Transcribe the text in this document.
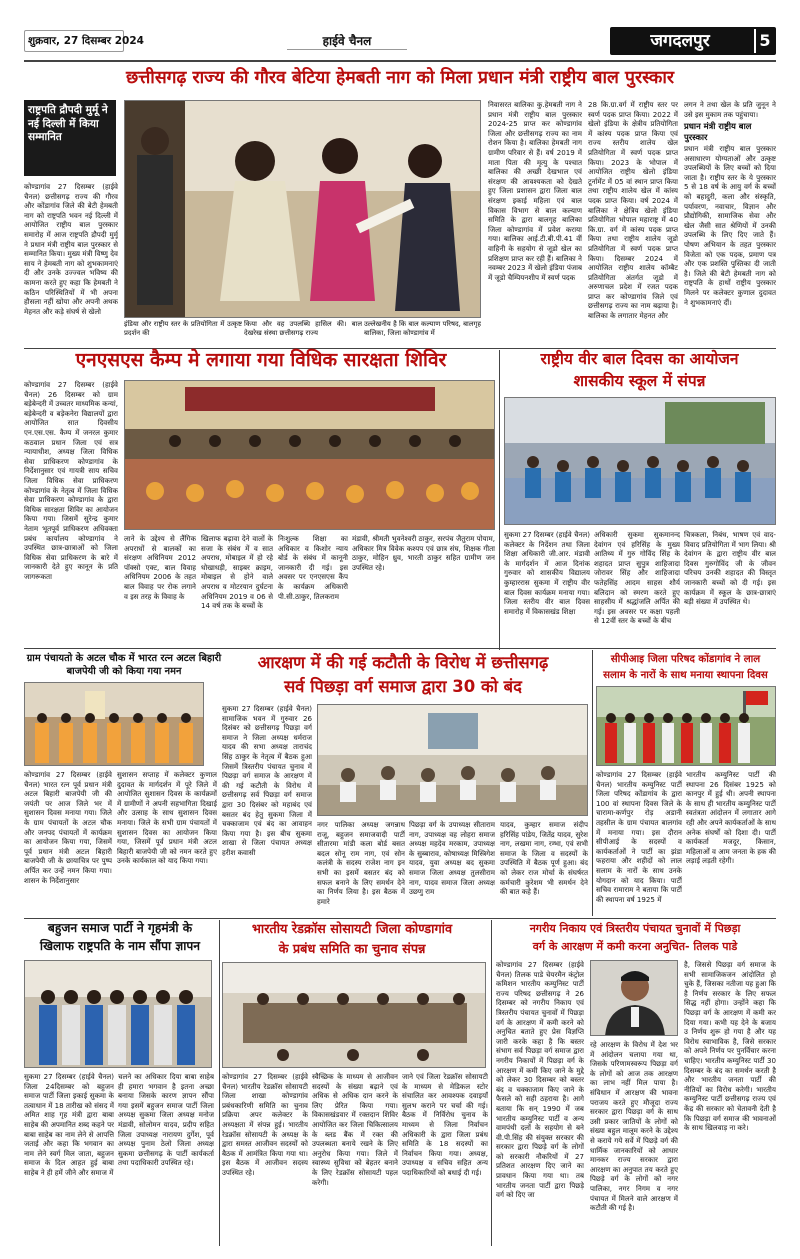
शुक्रवार, 27 दिसम्बर 2024	हाईवे चैनल	जगदलपुर	5
छत्तीसगढ़ राज्य की गौरव बेटिया हेमबती नाग को मिला प्रधान मंत्री राष्ट्रीय बाल पुरस्कार
राष्ट्रपति द्रौपदी मुर्मू ने नई दिल्ली में किया सम्मानित
कोण्डागांव 27 दिसम्बर (हाईवे चैनल) छत्तीसगढ़ राज्य की गौरव और कोंडागांव जिले की बेटी हेमबती नाग को राष्ट्रपति भवन नई दिल्ली में आयोजित राष्ट्रीय बाल पुरस्कार समारोह में आज राष्ट्रपति द्रौपदी मुर्मू ने प्रधान मंत्री राष्ट्रीय बाल पुरस्कार से सम्मानित किया। मुख्य मंत्री विष्णु देव साय ने हेमबती नाग को शुभकामनाएं दी और उनके उज्ज्वल भविष्य की कामना करते हुए कहा कि हेमबती ने कठिन परिस्थितियों में भी अपना हौसला नहीं खोया और अपनी अथक मेहनत और कड़े संघर्ष से खेलो
इंडिया और राष्ट्रीय स्तर के प्रतियोगिता में उत्कृष्ट प्रदर्शन की
किया और वह उपलब्धि हासिल की। बाल देखरेख संस्था छत्तीसगढ़ राज्य
उल्लेखनीय है कि बाल कल्याण परिषद, बालगृह बालिका, जिला कोण्डागांव में
निवासरत बालिका कु.हेमबती नाग ने प्रधान मंत्री राष्ट्रीय बाल पुरस्कार 2024-25 प्राप्त कर कोण्डागांव जिला और छत्तीसगढ़ राज्य का नाम रोशन किया है। बालिका हेमबती नाग ग्रामीण परिवार से हैं। वर्ष 2019 में माता पिता की मृत्यु के पश्चात बालिका की अच्छी देखभाल एवं संरक्षण की आवश्यकता को देखते हुए जिला प्रशासन द्वारा जिला बाल संरक्षण इकाई महिला एवं बाल विकास विभाग से बाल कल्याण समिति के द्वारा बालगृह बालिका जिला कोण्डागांव में प्रवेश कराया गया। बालिका आई.टी.बी.पी.41 वीं वाहिनी के सहयोग से जूडो खेल का प्रशिक्षण प्राप्त कर रही हैं। बालिका ने नवम्बर 2023 में खेलो इंडिया पंजाब में जूडो चैम्पियनशीप में स्वर्ण पदक
28 कि.ग्रा.वर्ग में राष्ट्रीय स्तर पर स्वर्ण पदक प्राप्त किया। 2022 में खेलो इंडिया के क्षेत्रीय प्रतियोगिता में कांस्य पदक प्राप्त किया एवं राज्य स्तरीय शालेय खेल प्रतियोगिता में स्वर्ण पदक प्राप्त किया। 2023 के भोपाल में आयोजित राष्ट्रीय खेलो इंडिया टूर्नामेंट में 05 वां स्थान प्राप्त किया तथा राष्ट्रीय शालेय खेल में कांस्य पदक प्राप्त किया। वर्ष 2024 में बालिका ने क्षेत्रिय खेलो इंडिया प्रतियोगिता भोपाल महाराष्ट्र में 40 कि.ग्रा. वर्ग में कांस्य पदक प्राप्त किया तथा राष्ट्रीय शालेय जूडो प्रतियोगिता में स्वर्ण पदक प्राप्त किया। दिसम्बर 2024 में आयोजित राष्ट्रीय शालेय कॉम्बैट प्रतियोगिता अंतर्गत जूडो में अरुणाचल प्रदेश में रजत पदक प्राप्त कर कोण्डागांव जिले एवं छत्तीसगढ़ राज्य का नाम बढ़ाया है। बालिका के लगातार मेहनत और
लगन ने तथा खेल के प्रति जुनून ने उसे इस मुकाम तक पहुंचाया।
प्रधान मंत्री राष्ट्रीय बाल पुरस्कार
प्रधान मंत्री राष्ट्रीय बाल पुरस्कार असाधारण योग्यताओं और उत्कृष्ट उपलब्धियों के लिए बच्चों को दिया जाता है। राष्ट्रीय स्तर के ये पुरस्कार 5 से 18 वर्ष के आयु वर्ग के बच्चों को बहादुरी, कला और संस्कृति, पर्यावरण, नवाचार, विज्ञान और प्रौद्योगिकी, सामाजिक सेवा और खेल जैसी सात श्रेणियों में उनकी उपलब्धि के लिए दिए जाते हैं। पोषण अभियान के तहत पुरस्कार विजेता को एक पदक, प्रमाण पत्र और एक प्रशस्ति पुस्तिका दी जाती है। जिले की बेटी हेमबती नाग को राष्ट्रपति के हाथों राष्ट्रीय पुरस्कार मिलने पर कलेक्टर कुणाल दुदावत ने शुभकामनाएं दीं।
एनएसएस कैम्प मे लगाया गया विधिक सारक्षता शिविर
कोण्डागांव 27 दिसम्बर (हाईवे चैनल) 26 दिसम्बर को ग्राम बड़ेबेन्दरी में उच्चतर माध्यमिक कन्यां, बड़ेबेन्दरी व बड़ेकनेरा विद्यालयों द्वारा आयोजित सात दिवसीय एन.एस.एस. कैम्प में जनरल कुमार कठवाल प्रधान जिला एवं सत्र न्यायाधीश, अध्यक्ष जिला विधिक सेवा प्राधिकरण कोण्डागांव के निर्देशानुसार एवं गायत्री साय सचिव जिला विधिक सेवा प्राधिकरण कोण्डागांव के नेतृत्व में जिला विधिक सेवा प्राधिकरण कोण्डागांव के द्वारा विधिक सारक्षता शिविर का आयोजन किया गया। जिसमें सुरेन्द्र कुमार नेताम भूतपूर्व प्राधिकरण अधिवक्ता प्रबंध कार्यालय कोण्डागांव ने उपस्थित छात्र-छात्राओं को जिला विधिक सेवा प्राधिकरण के बारे में जानकारी देते हुए कानून के प्रति जागरूकता
लाने के उद्देश्य से लैंगिक अपराधों से बालकों का संरक्षण अधिनियम 2012 पॉक्सो एक्ट, बाल विवाह अधिनियम 2006 के तहत बाल विवाह पर रोक लगाने व इस तरह के विवाह के
खिलाफ बढ़ावा देने वालों के सजा के संबंध में व सात अपराध, मोबाइल में हो रहे धोखाधड़ी, साइबर क्राइम, मोबाइल से होने वाले अपराध व मोटरयान दुर्घटना अधिनियम 2019 व 06 से 14 वर्ष तक के बच्चों के
निःशुल्क शिक्षा का अधिकार व किशोर न्याय बोर्ड के संबंध में कानूनी जानकारी दी गई। इस अवसर पर एनएसएस कैंप के कार्यक्रम अधिकारी पी.सी.ठाकुर, तिलकराम
मंडावी, श्रीमती भुवनेश्वरी ठाकुर, सरपंच जैतुराम पोयाम, अधिकार मित्र विवेक कश्यप एवं छात्र संघ, शिक्षक गीता ठाकुर, मोहिन ध्रुव, भारती ठाकुर सहित ग्रामीण जन उपस्थित रहे।
राष्ट्रीय वीर बाल दिवस का आयोजन
शासकीय स्कूल में संपन्न
सुकमा 27 दिसम्बर (हाईवे चैनल) कलेक्टर के निर्देशन तथा जिला शिक्षा अधिकारी जी.आर. मंडावी के मार्गदर्शन में आज दिनांक गुरुवार को शासकीय विद्यालय कुम्हाररास सुकमा में राष्ट्रीय वीर बाल दिवस कार्यक्रम मनाया गया। जिला स्तरीय वीर बाल दिवस समारोह में विकासखंड शिक्षा
अधिकारी सुकमा सुकमानन्द देवांगन एवं हरिसिंह के मुख्य आतिथ्य में गुरु गोविंद सिंह के शहादत प्राप्त सुपुत्र शाहिजादा जोरावर सिंह और शाहिजादा फतेहसिंह आदम साहस शौर्य बलिदान को स्मरण करते हुए साहसीय में श्रद्धांजलि अर्पित की गई। इस अवसर पर कक्षा पहली से 12वीं स्तर के बच्चों के बीच
चित्रकला, निबंध, भाषण एवं वाद-विवाद प्रतियोगिता में भाग लिया। श्री देवांगन के द्वारा राष्ट्रीय वीर बाल दिवस गुरुगोविंद जी के जीवन परिचय उनकी शहादत की विस्तृत जानकारी बच्चों को दी गई। इस कार्यक्रम में स्कूल के छात्र-छात्राएं बड़ी संख्या में उपस्थित थे।
ग्राम पंचायतो के अटल चौक में भारत रत्न अटल बिहारी बाजपेयी जी को किया गया नमन
कोण्डागांव 27 दिसम्बर (हाईवे चैनल) भारत रत्न पूर्व प्रधान मंत्री अटल बिहारी बाजपेयी जी की जयंती पर आज जिले भर में सुशासन दिवस मनाया गया। जिले के ग्राम पंचायतों के अटल चौक और जनपद पंचायतों में कार्यक्रम का आयोजन किया गया, जिसमें पूर्व प्रधान मंत्री अटल बिहारी बाजपेयी जी के छायाचित्र पर पुष्प अर्पित कर उन्हें नमन किया गया। शासन के निर्देशानुसार
सुशासन सप्ताह में कलेक्टर कुणाल दुदावत के मार्गदर्शन में पूरे जिले में आयोजित सुशासन दिवस के कार्यक्रमों में ग्रामीणों ने अपनी सहभागिता दिखाई और उत्साह के साथ सुशासन दिवस मनाया। जिले के सभी ग्राम पंचायतों में सुशासन दिवस का आयोजन किया गया, जिसमें पूर्व प्रधान मंत्री अटल बिहारी बाजपेयी जी को नमन करते हुए उनके कार्यकाल को याद किया गया।
आरक्षण में की गई कटौती के विरोध में छत्तीसगढ़
सर्व पिछड़ा वर्ग समाज द्वारा 30 को बंद
सुकमा 27 दिसम्बर (हाईवे चैनल) सामाजिक भवन में गुरुवार 26 दिसंबर को छत्तीसगढ़ पिछड़ा वर्ग समाज ने जिला अध्यक्ष धर्मराज यादव की सभा अध्यक्ष ताराचंद सिंह ठाकुर के नेतृत्व में बैठक हुआ जिसमें त्रिस्तरीय पंचायत चुनाव में पिछड़ा वर्ग समाज के आरक्षण में की गई कटौती के विरोध में छत्तीसगढ़ सर्व पिछड़ा वर्ग समाज द्वारा 30 दिसंबर को महाबंद एवं बसतर बंद हेतु सुकमा जिला में चक्काजाम एवं बंद का आवाहन किया गया है। इस बीच सुकमा शाखा से जिला पंचायत अध्यक्ष हरीश कवासी
नगर पालिका अध्यक्ष जगन्नाथ राजू, बहुजन समाजवादी पार्टी सीतारमा मांडी कला बोर्ड बसत बदल सोनू राम नाग, एवं सोन कलंत्री के सदस्य राजेश नाग इन सभी का इसमें बसतर बंद को सफल बनाने के लिए समर्थन देने का निर्णय लिया है। इस बैठक में हमारे
पिछड़ा वर्ग के उपाध्यक्ष सीताराम नाग, उपाध्यक्ष वह लोहरा समाज अध्यक्ष महदेव मरकाम, उपाध्यक्ष के सुब्बाराव, कोषाध्यक्ष मिस्त्रिगेश यादव, युवा अध्यक्ष बद सुकमा समाज जिला अध्यक्ष तुलसीराम नाग, यादव समाज जिला अध्यक्ष उछणु राम
यादव, कुम्हार समाज संदीप हरिसिंह पांडेय, जितेंद्र यादव, सुरेश नाग, लखमा नाग, रम्भा, एवं सभी समाज के जिला व सदस्यों के उपस्थिति में बैठक पूर्ण हुआ। बंद को लेकर राज मोर्चा के संघर्षरत कर्मचारी कुरेशम भी समर्थन देने की बात कहे हैं।
सीपीआइ जिला परिषद कोंडागांव ने लाल
सलाम के नारों के साथ मनाया स्थापना दिवस
कोण्डागांव 27 दिसम्बर (हाईवे चैनल) भारतीय कम्युनिस्ट पार्टी जिला परिषद कोंडागांव के द्वारा 100 वां स्थापना दिवस जिले के चारामा-कर्णपुर रोड़ अडानी तहसील के ग्राम पंचायत बालगांव में मनाया गया। इस दौरान सीपीआई के सदस्यों व कार्यकर्ताओं ने पार्टी का झंडा फहराया और शहीदों को लाल सलाम के नारों के साथ उनके योगदान को याद किया। पार्टी सचिव रामाराम ने बताया कि पार्टी की स्थापना वर्ष 1925 में
भारतीय कम्युनिस्ट पार्टी की स्थापना 26 दिसंबर 1925 को कानपुर में हुई थी। अपनी स्थापना के साथ ही भारतीय कम्युनिस्ट पार्टी स्वतंत्रता आंदोलन में लगातार आगे रही और अपने कार्यकर्ताओं के साथ अनेक संघर्षों को दिशा दी। पार्टी कार्यकर्ता मजदूर, किसान, महिलाओं व आम जनता के हक की लड़ाई लड़ती रहेगी।
बहुजन समाज पार्टी ने गृहमंत्री के
खिलाफ राष्ट्रपति के नाम सौंपा ज्ञापन
सुकमा 27 दिसम्बर (हाईवे चैनल) जिला 24दिसम्बर को बहुजन समाज पार्टी जिला इकाई सुकमा के तत्वाधान में 18 तारीख को संसद में अमित शाह गृह मंत्री द्वारा बाबा साहेब की अपमानित शब्द कहने पर बाबा साहेब का नाम लेने से आपत्ति जताई और कहा कि भगवान का नाम लेने स्वर्ग मिल जाता, बहुजन समाज के दिल आहत हुई बाबा साहेब ने ही हमें जीने और समाज में
चलने का अधिकार दिया बाबा साहेब ही हमारा भगवान है इतना अच्छा बनाया जिसके कारण ज्ञापन सौंपा गया इसमें बहुजन समाज पार्टी जिला अध्यक्ष सुकमा जिला अध्यक्ष मनोज मंडावी, सोलोमन यादव, प्रदीप सहित जिला उपाध्यक्ष नारायण दुर्गेश, पूर्व अध्यक्ष पुनाम ठेलो जिला अध्यक्ष सुकमा छत्तीसगढ़ के पार्टी कार्यकर्ता तथा पदाधिकारी उपस्थित रहे।
भारतीय रेडक्रॉस सोसायटी जिला कोण्डागांव
के प्रबंध समिति का चुनाव संपन्न
कोण्डागांव 27 दिसम्बर (हाईवे चैनल) भारतीय रेडक्रॉस सोसायटी जिला शाखा कोण्डागांव प्रबंधकारिणी समिति का चुनाव प्रक्रिया अपर कलेक्टर के अध्यक्षता में संपन्न हुई। भारतीय रेडक्रॉस सोसायटी के अध्यक्ष के द्वारा समस्त आजीवन सदस्यों को बैठक में आमंत्रित किया गया था। इस बैठक में आजीवन सदस्य उपस्थित रहे।
स्वैच्छिक के माध्यम से आजीवन सदस्यों के संख्या बढ़ाने एवं अधिक से अधिक दान करने के लिए प्रेरित किया गया। विकासखंडवार में रक्तदान शिविर आयोजित कर जिला चिकित्सालय के ब्लड बैंक में रक्त की उपलब्धता बनाये रखने के लिए अनुरोध किया गया। जिले में स्वास्थ्य सुविधा को बेहतर बनाने के लिए रेडक्रॉस सोसायटी पहल करेगी।
जाने एवं जिला रेडक्रॉस सोसायटी के माध्यम से मेडिकल स्टोर संचालित कर आवश्यक दवाइयाँ सुलभ कराने पर चर्चा की गई। बैठक में निर्विरोध चुनाव के माध्यम से जिला निर्वाचन अधिकारी के द्वारा जिला प्रबंध समिति के 18 सदस्यों का निर्वाचन किया गया। अध्यक्ष, उपाध्यक्ष व सचिव सहित अन्य पदाधिकारियों को बधाई दी गई।
नगरीय निकाय एवं त्रिस्तरीय पंचायत चुनावों में पिछड़ा
वर्ग के आरक्षण में कमी करना अनुचित- तिलक पाडे
कोण्डागांव 27 दिसम्बर (हाईवे चैनल) तिलक पाडे चेयरमैन कंट्रोल कमिशन भारतीय कम्युनिस्ट पार्टी राज्य परिषद छत्तीसगढ़ ने 26 दिसम्बर को नगरीय निकाय एवं त्रिस्तरीय पंचायत चुनावों में पिछड़ा वर्ग के आरक्षण में कमी करने को अनुचित बताते हुए प्रेस विज्ञप्ति जारी करके कहा है कि बस्तर संभाग सर्व पिछड़ा वर्ग समाज द्वारा नगरीय निकायों में पिछड़ा वर्ग के आरक्षण में कमी किए जाने के मुद्दे को लेकर 30 दिसम्बर को बस्तर बंद व चक्काजाम किए जाने के फैसले को सही ठहराया है। आगे बताया कि सन् 1990 में जब भारतीय कम्युनिस्ट पार्टी व अन्य वामपंथी दलों के सहयोग से बने वी.पी.सिंह की संयुक्त सरकार की सरकार द्वारा पिछड़े वर्ग के लोगों को सरकारी नौकरियों में 27 प्रतिशत आरक्षण दिए जाने का प्रावधान किया गया था। तब भारतीय जनता पार्टी द्वारा पिछड़े वर्ग को दिए जा
रहे आरक्षण के विरोध में देश भर में आंदोलन चलाया गया था, जिसके परिणामस्वरूप पिछड़ा वर्ग के लोगों को आज तक आरक्षण का लाभ नहीं मिल पाया है। संविधान में आरक्षण की भावना पराजय करते हुए मौजूदा राज्य सरकार द्वारा पिछड़ा वर्ग के साथ उसी प्रकार जातियों के लोगों को संख्या बहुल मालूम करने के उद्देश्य से कराये गये सर्वे में पिछड़े वर्ग की धार्मिक जानकारियों को आधार मानकर राज्य सरकार द्वारा आरक्षण का अनुपात तय करते हुए पिछड़े वर्ग के लोगों को नगर पालिका, नगर निगम व नगर पंचायत में मिलने वाले आरक्षण में कटौती की गई है।
है, जिससे पिछड़ा वर्ग समाज के सभी सामाजिकजन आंदोलित हो चुके हैं, जिसका नतीजा यह हुआ कि है निर्णय सरकार के लिए सफल सिद्ध नहीं होगा। उन्होंने कहा कि पिछड़ा वर्ग के आरक्षण में कमी कर दिया गया। कभी यह देने के बजाय उ निर्णय शुरू हो गया है और यह विरोध स्वाभाविक है, जिसे सरकार को अपने निर्णय पर पुनर्विचार करना चाहिए। भारतीय कम्युनिस्ट पार्टी 30 दिसम्बर के बंद का समर्थन करती है और भारतीय जनता पार्टी की नीतियों का विरोध करेगी। भारतीय कम्युनिस्ट पार्टी छत्तीसगढ़ राज्य एवं केंद्र की सरकार को चेतावनी देती है कि पिछड़ा वर्ग समाज की भावनाओं के साथ खिलवाड़ ना करे।
